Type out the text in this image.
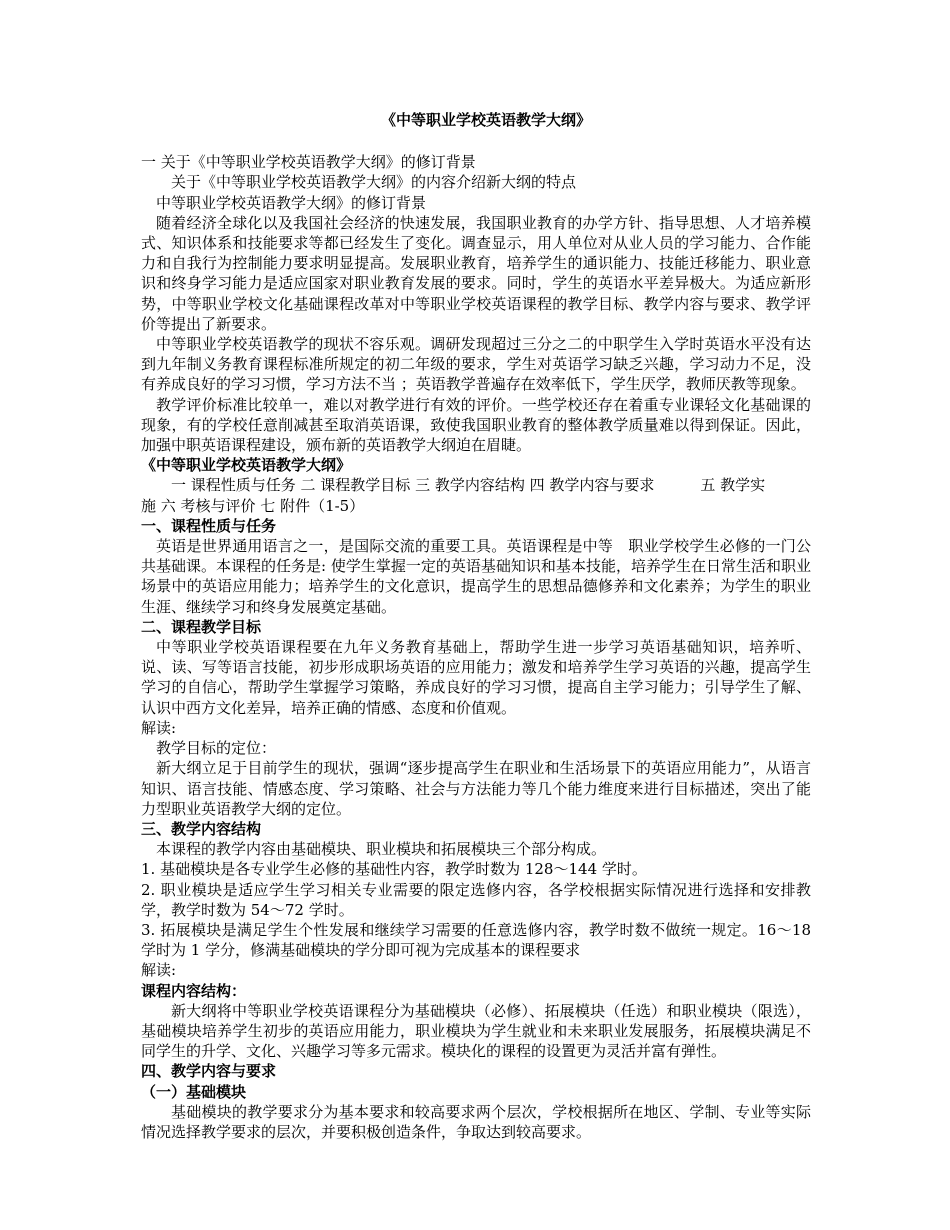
《中等职业学校英语教学大纲》

一 关于《中等职业学校英语教学大纲》的修订背景

关于《中等职业学校英语教学大纲》的内容介绍新大纲的特点

中等职业学校英语教学大纲》的修订背景

随着经济全球化以及我国社会经济的快速发展，我国职业教育的办学方针、指导思想、人才培养模式、知识体系和技能要求等都已经发生了变化。调查显示，用人单位对从业人员的学习能力、合作能力和自我行为控制能力要求明显提高。发展职业教育，培养学生的通识能力、技能迁移能力、职业意识和终身学习能力是适应国家对职业教育发展的要求。同时，学生的英语水平差异极大。为适应新形势，中等职业学校文化基础课程改革对中等职业学校英语课程的教学目标、教学内容与要求、教学评价等提出了新要求。

中等职业学校英语教学的现状不容乐观。调研发现超过三分之二的中职学生入学时英语水平没有达到九年制义务教育课程标准所规定的初二年级的要求，学生对英语学习缺乏兴趣，学习动力不足，没有养成良好的学习习惯，学习方法不当 ；英语教学普遍存在效率低下，学生厌学，教师厌教等现象。

教学评价标准比较单一，难以对教学进行有效的评价。一些学校还存在着重专业课轻文化基础课的现象，有的学校任意削减甚至取消英语课，致使我国职业教育的整体教学质量难以得到保证。因此，加强中职英语课程建设，颁布新的英语教学大纲迫在眉睫。

《中等职业学校英语教学大纲》

一 课程性质与任务 二 课程教学目标 三 教学内容结构 四 教学内容与要求	五 教学实

施 六 考核与评价 七 附件（1-5）

一、课程性质与任务

英语是世界通用语言之一，是国际交流的重要工具。英语课程是中等　职业学校学生必修的一门公共基础课。本课程的任务是: 使学生掌握一定的英语基础知识和基本技能，培养学生在日常生活和职业场景中的英语应用能力；培养学生的文化意识，提高学生的思想品德修养和文化素养；为学生的职业生涯、继续学习和终身发展奠定基础。

二、课程教学目标

中等职业学校英语课程要在九年义务教育基础上，帮助学生进一步学习英语基础知识，培养听、说、读、写等语言技能，初步形成职场英语的应用能力；激发和培养学生学习英语的兴趣，提高学生学习的自信心，帮助学生掌握学习策略，养成良好的学习习惯，提高自主学习能力；引导学生了解、认识中西方文化差异，培养正确的情感、态度和价值观。

解读:

教学目标的定位：

新大纲立足于目前学生的现状，强调“逐步提高学生在职业和生活场景下的英语应用能力”，从语言知识、语言技能、情感态度、学习策略、社会与方法能力等几个能力维度来进行目标描述，突出了能力型职业英语教学大纲的定位。

三、教学内容结构

本课程的教学内容由基础模块、职业模块和拓展模块三个部分构成。

1. 基础模块是各专业学生必修的基础性内容，教学时数为 128～144 学时。

2. 职业模块是适应学生学习相关专业需要的限定选修内容，各学校根据实际情况进行选择和安排教学，教学时数为 54～72 学时。

3. 拓展模块是满足学生个性发展和继续学习需要的任意选修内容，教学时数不做统一规定。16～18 学时为 1 学分，修满基础模块的学分即可视为完成基本的课程要求

解读:

课程内容结构：

新大纲将中等职业学校英语课程分为基础模块（必修）、拓展模块（任选）和职业模块（限选），基础模块培养学生初步的英语应用能力，职业模块为学生就业和未来职业发展服务，拓展模块满足不同学生的升学、文化、兴趣学习等多元需求。模块化的课程的设置更为灵活并富有弹性。

四、教学内容与要求

（一）基础模块

基础模块的教学要求分为基本要求和较高要求两个层次，学校根据所在地区、学制、专业等实际情况选择教学要求的层次，并要积极创造条件，争取达到较高要求。
